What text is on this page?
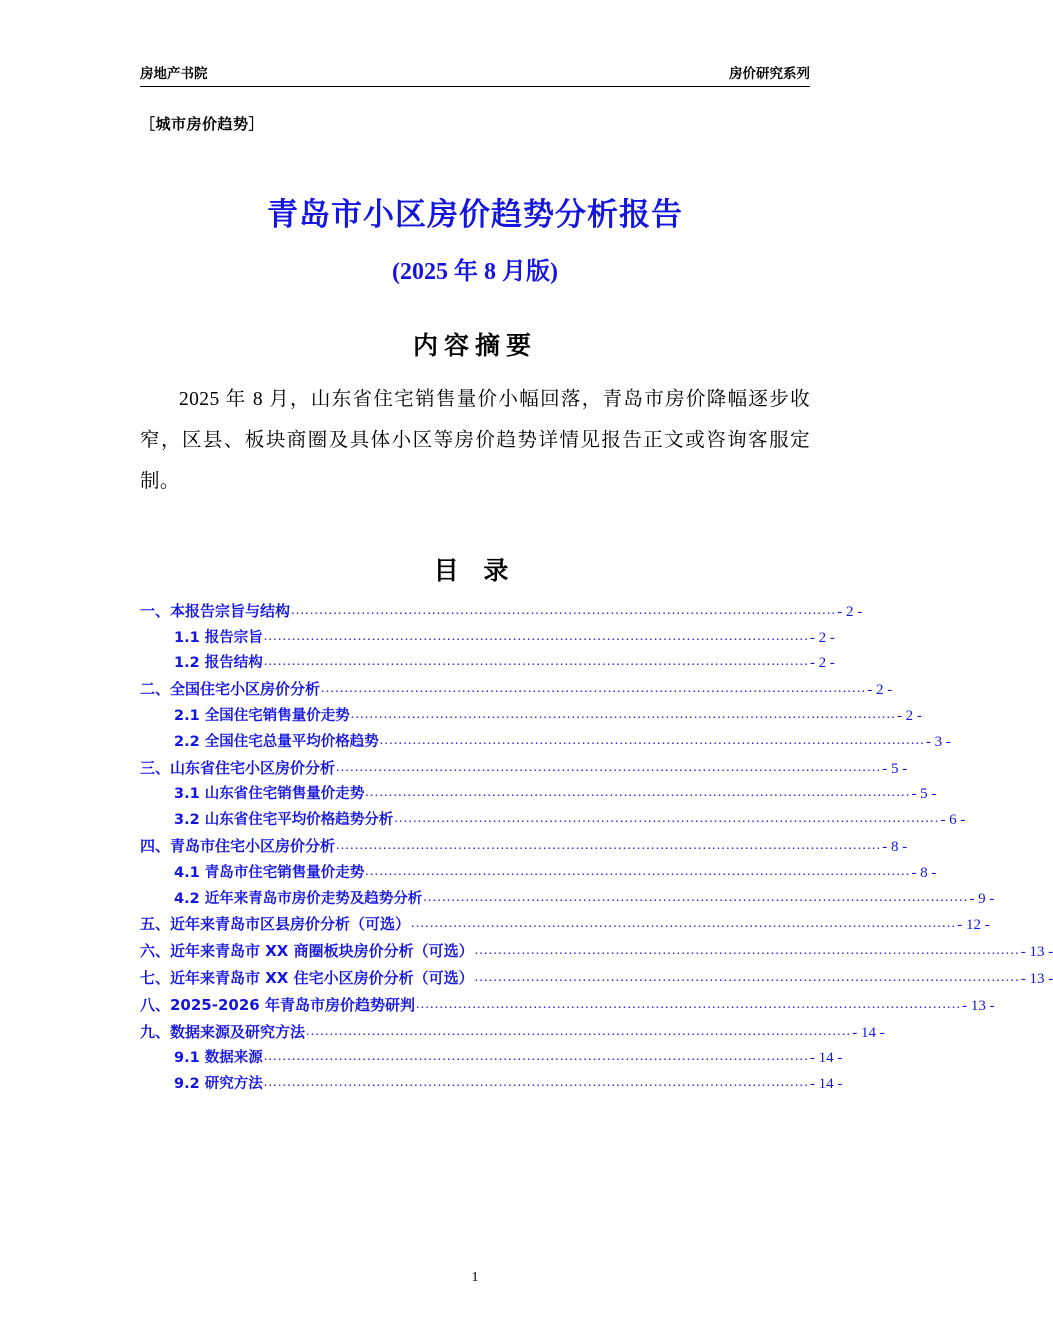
房地产书院	房价研究系列
［城市房价趋势］
青岛市小区房价趋势分析报告
(2025 年 8 月版)
内容摘要
2025 年 8 月，山东省住宅销售量价小幅回落，青岛市房价降幅逐步收窄，区县、板块商圈及具体小区等房价趋势详情见报告正文或咨询客服定制。
目 录
一、本报告宗旨与结构 .................................................................................................................... - 2 -
1.1 报告宗旨 .................................................................................................................... - 2 -
1.2 报告结构 .................................................................................................................... - 2 -
二、全国住宅小区房价分析 .................................................................................................................... - 2 -
2.1 全国住宅销售量价走势 .................................................................................................................... - 2 -
2.2 全国住宅总量平均价格趋势 .................................................................................................................... - 3 -
三、山东省住宅小区房价分析 .................................................................................................................... - 5 -
3.1 山东省住宅销售量价走势 .................................................................................................................... - 5 -
3.2 山东省住宅平均价格趋势分析 .................................................................................................................... - 6 -
四、青岛市住宅小区房价分析 .................................................................................................................... - 8 -
4.1 青岛市住宅销售量价走势 .................................................................................................................... - 8 -
4.2 近年来青岛市房价走势及趋势分析 .................................................................................................................... - 9 -
五、近年来青岛市区县房价分析（可选） .................................................................................................................... - 12 -
六、近年来青岛市 XX 商圈板块房价分析（可选） .................................................................................................................... - 13 -
七、近年来青岛市 XX 住宅小区房价分析（可选） .................................................................................................................... - 13 -
八、2025-2026 年青岛市房价趋势研判 .................................................................................................................... - 13 -
九、数据来源及研究方法 .................................................................................................................... - 14 -
9.1 数据来源 .................................................................................................................... - 14 -
9.2 研究方法 .................................................................................................................... - 14 -
1
